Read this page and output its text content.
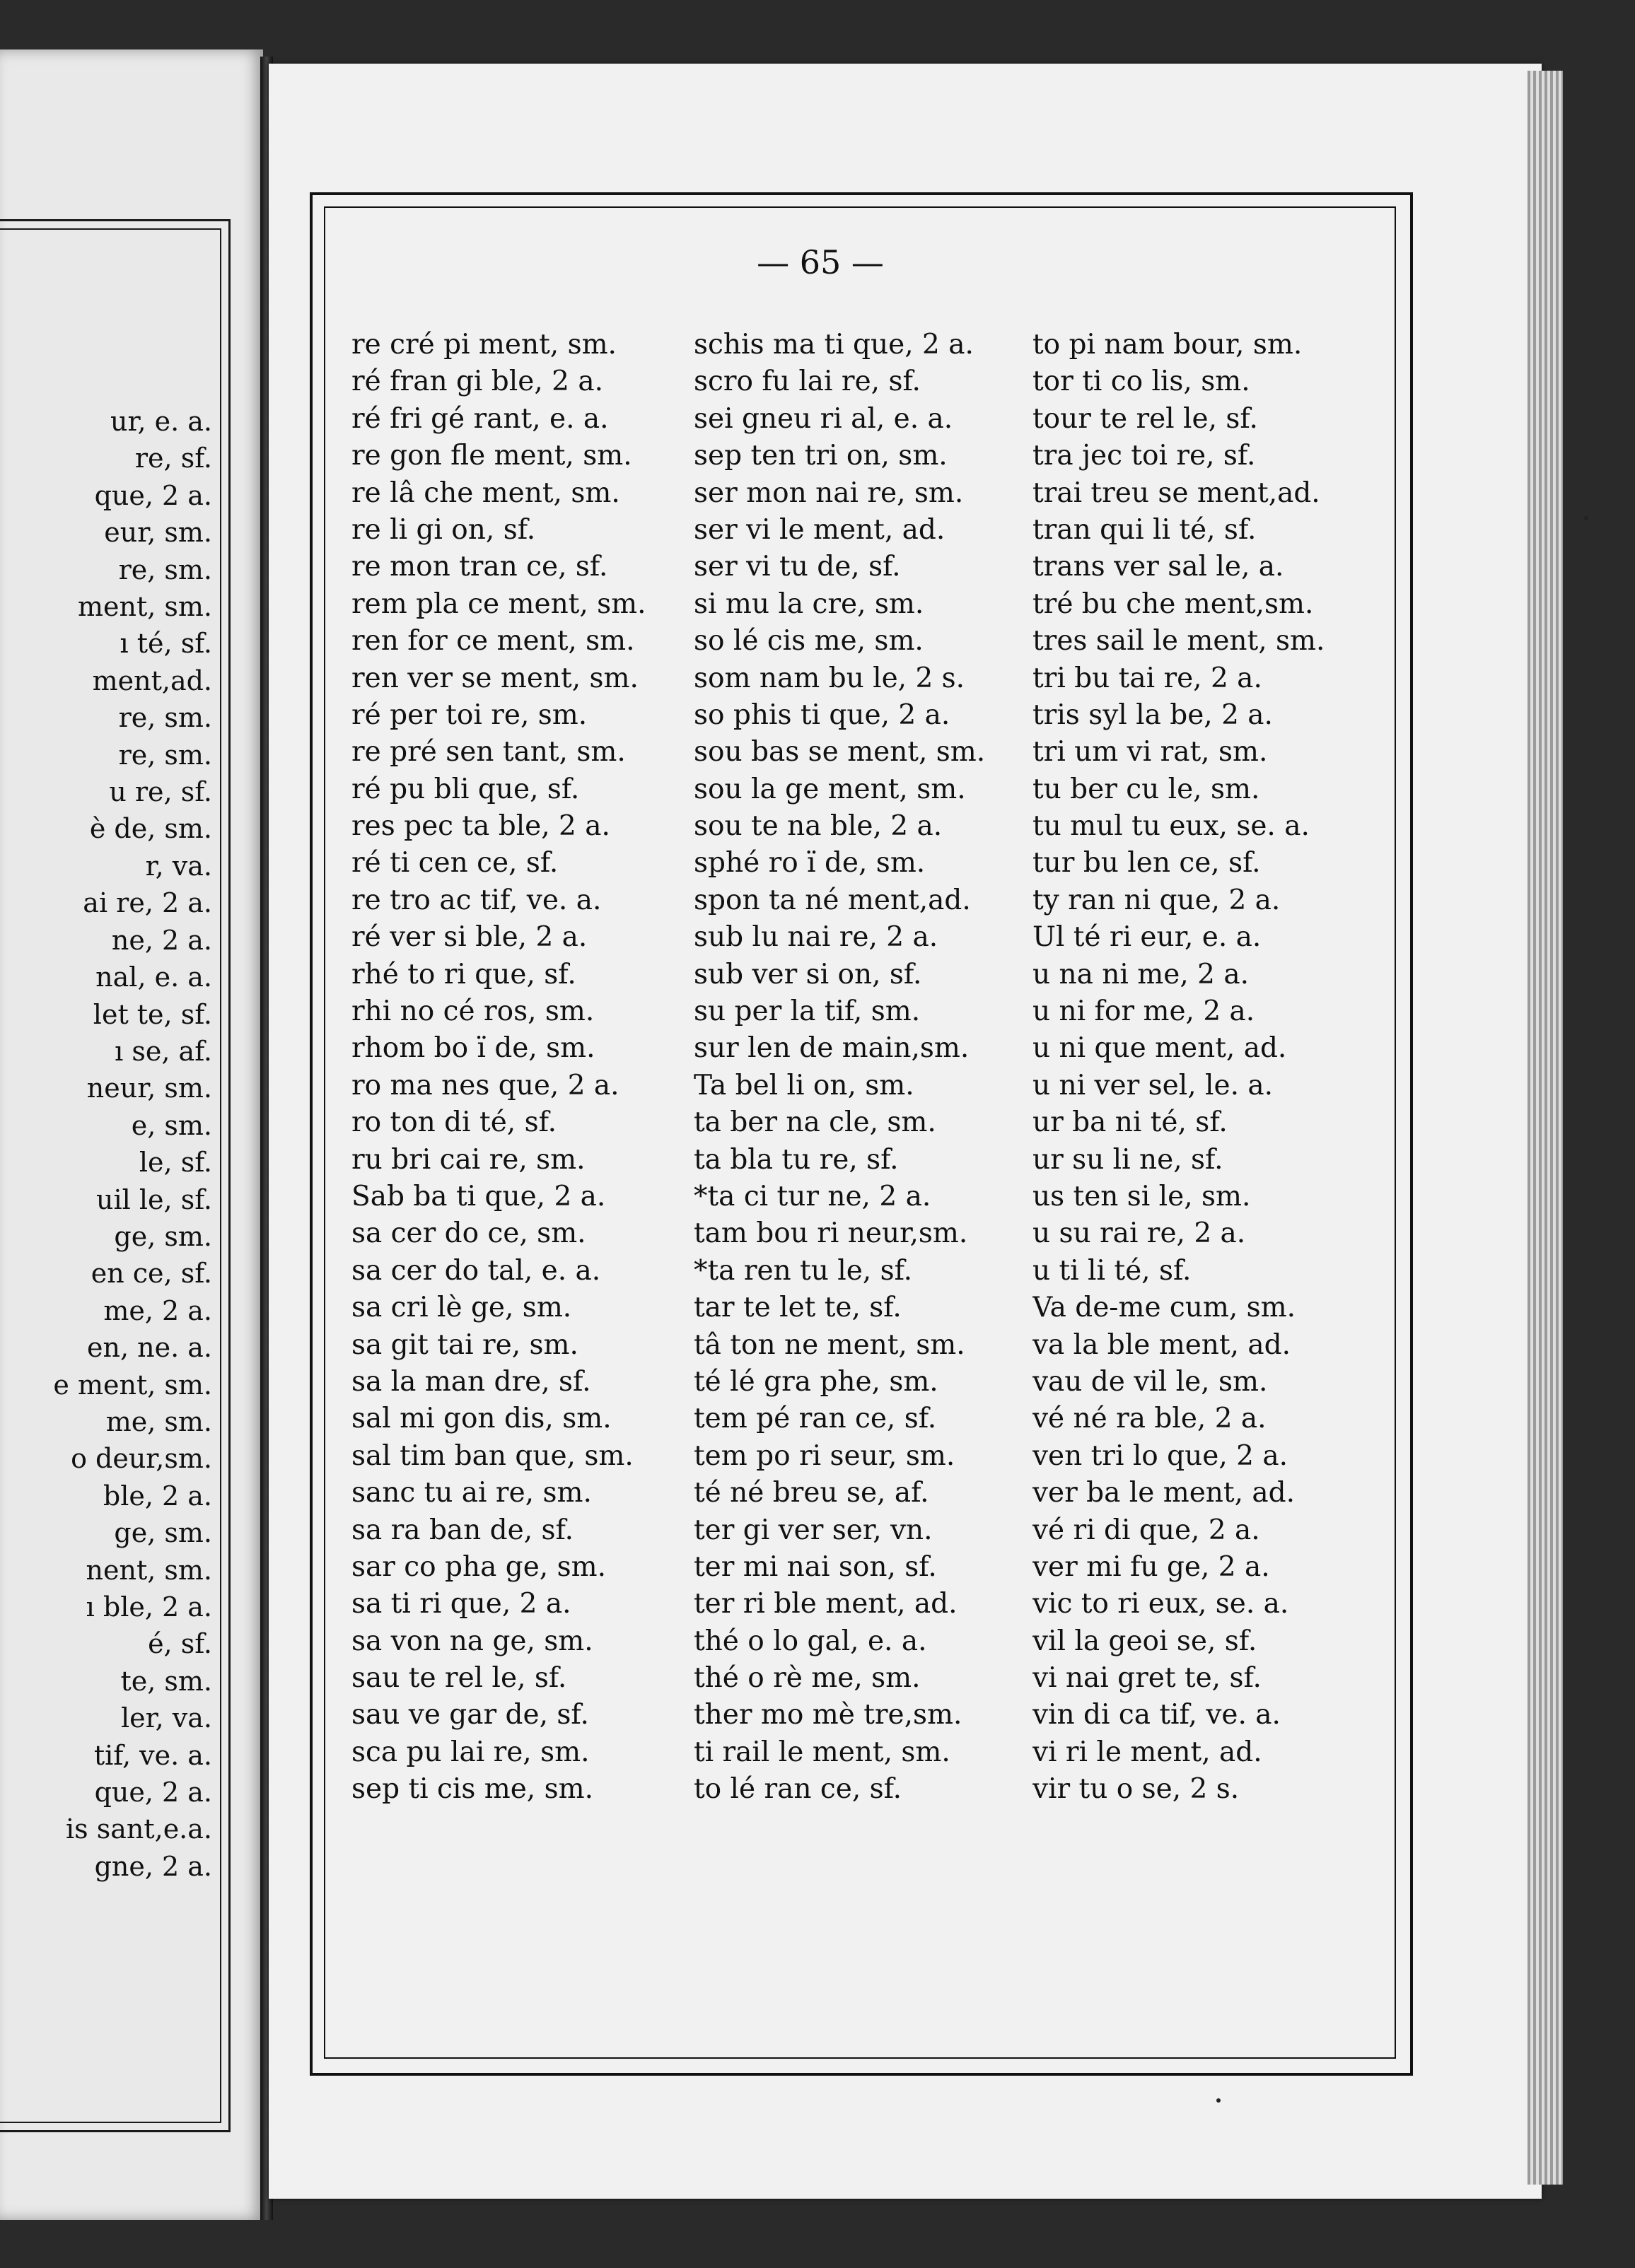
ur, e. a.
re, sf.
que, 2 a.
eur, sm.
re, sm.
ment, sm.
ı té, sf.
ment,ad.
re, sm.
re, sm.
u re, sf.
è de, sm.
r, va.
ai re, 2 a.
ne, 2 a.
nal, e. a.
let te, sf.
ı se, af.
neur, sm.
e, sm.
le, sf.
uil le, sf.
ge, sm.
en ce, sf.
me, 2 a.
en, ne. a.
e ment, sm.
me, sm.
o deur,sm.
ble, 2 a.
ge, sm.
nent, sm.
ı ble, 2 a.
é, sf.
te, sm.
ler, va.
tif, ve. a.
que, 2 a.
is sant,e.a.
gne, 2 a.
— 65 —
re cré pi ment, sm.
ré fran gi ble, 2 a.
ré fri gé rant, e. a.
re gon fle ment, sm.
re lâ che ment, sm.
re li gi on, sf.
re mon tran ce, sf.
rem pla ce ment, sm.
ren for ce ment, sm.
ren ver se ment, sm.
ré per toi re, sm.
re pré sen tant, sm.
ré pu bli que, sf.
res pec ta ble, 2 a.
ré ti cen ce, sf.
re tro ac tif, ve. a.
ré ver si ble, 2 a.
rhé to ri que, sf.
rhi no cé ros, sm.
rhom bo ï de, sm.
ro ma nes que, 2 a.
ro ton di té, sf.
ru bri cai re, sm.
Sab ba ti que, 2 a.
sa cer do ce, sm.
sa cer do tal, e. a.
sa cri lè ge, sm.
sa git tai re, sm.
sa la man dre, sf.
sal mi gon dis, sm.
sal tim ban que, sm.
sanc tu ai re, sm.
sa ra ban de, sf.
sar co pha ge, sm.
sa ti ri que, 2 a.
sa von na ge, sm.
sau te rel le, sf.
sau ve gar de, sf.
sca pu lai re, sm.
sep ti cis me, sm.
schis ma ti que, 2 a.
scro fu lai re, sf.
sei gneu ri al, e. a.
sep ten tri on, sm.
ser mon nai re, sm.
ser vi le ment, ad.
ser vi tu de, sf.
si mu la cre, sm.
so lé cis me, sm.
som nam bu le, 2 s.
so phis ti que, 2 a.
sou bas se ment, sm.
sou la ge ment, sm.
sou te na ble, 2 a.
sphé ro ï de, sm.
spon ta né ment,ad.
sub lu nai re, 2 a.
sub ver si on, sf.
su per la tif, sm.
sur len de main,sm.
Ta bel li on, sm.
ta ber na cle, sm.
ta bla tu re, sf.
*ta ci tur ne, 2 a.
tam bou ri neur,sm.
*ta ren tu le, sf.
tar te let te, sf.
tâ ton ne ment, sm.
té lé gra phe, sm.
tem pé ran ce, sf.
tem po ri seur, sm.
té né breu se, af.
ter gi ver ser, vn.
ter mi nai son, sf.
ter ri ble ment, ad.
thé o lo gal, e. a.
thé o rè me, sm.
ther mo mè tre,sm.
ti rail le ment, sm.
to lé ran ce, sf.
to pi nam bour, sm.
tor ti co lis, sm.
tour te rel le, sf.
tra jec toi re, sf.
trai treu se ment,ad.
tran qui li té, sf.
trans ver sal le, a.
tré bu che ment,sm.
tres sail le ment, sm.
tri bu tai re, 2 a.
tris syl la be, 2 a.
tri um vi rat, sm.
tu ber cu le, sm.
tu mul tu eux, se. a.
tur bu len ce, sf.
ty ran ni que, 2 a.
Ul té ri eur, e. a.
u na ni me, 2 a.
u ni for me, 2 a.
u ni que ment, ad.
u ni ver sel, le. a.
ur ba ni té, sf.
ur su li ne, sf.
us ten si le, sm.
u su rai re, 2 a.
u ti li té, sf.
Va de-me cum, sm.
va la ble ment, ad.
vau de vil le, sm.
vé né ra ble, 2 a.
ven tri lo que, 2 a.
ver ba le ment, ad.
vé ri di que, 2 a.
ver mi fu ge, 2 a.
vic to ri eux, se. a.
vil la geoi se, sf.
vi nai gret te, sf.
vin di ca tif, ve. a.
vi ri le ment, ad.
vir tu o se, 2 s.
